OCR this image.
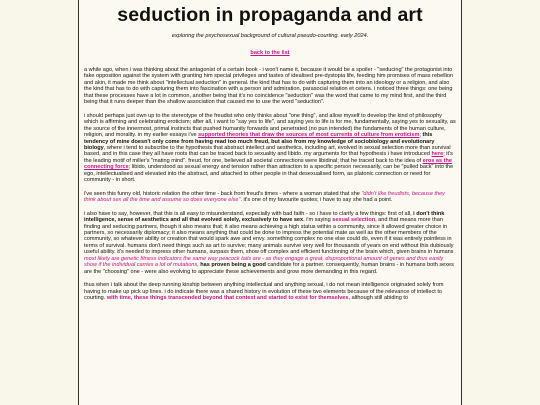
seduction in propaganda and art
exploring the psychosexual background of cultural pseudo-courting. early 2024.
back to the list

a while ago, when i was thinking about the antagonist of a certain book - i won't name it, because it would be a spoiler - "seducing" the protagonist into fake opposition against the system with granting him special privileges and tastes of idealised pre-dystopia life, feeding him promises of mass rebellion and akin, it made me think about "intellectual seduction" in general. the kind that has to do with capturing them into an ideology or a religion, and also the kind that has to do with capturing them into fascination with a person and admiration, parasocial relation et cetera. i noticed three things: one being that these processes have a lot in common, another being that it's no coincidence "seduction" was the word that came to my mind first, and the third being that it runs deeper than the shallow association that caused me to use the word "seduction".

i should perhaps just own up to the stereotype of the freudist who only thinks about "one thing", and allow myself to develop the kind of philosophy which is affirming and celebrating eroticism; after all, i want to "say yes to life", and saying yes to life is for me, fundamentally, saying yes to sexuality, as the source of the innermost, primal instincts that pushed humanity forwards and penetrated (no pun intended) the fundaments of the human culture, religion, and morality. in my earlier essays i've supported theories that draw the sources of most currents of culture from eroticism; this tendency of mine doesn't only come from having read too much freud, but also from my knowledge of sociobiology and evolutionary biology, where i tend to subscribe to the hypothesis that abstract intellect and aesthetics, including art, evolved in sexual selection more than survival based, and in this case they all have roots that can be traced back to sexuality and libido. my arguments for that hypothesis i have introduced here; it's the leading motif of miller's "mating mind". freud, for one, believed all societal connections were libidinal; that he traced back to the idea of eros as the connecting force; libido, understood as sexual energy and tension rather than attraction to a specific person necessarily, can be "pulled back" into the ego, intellectualised and elevated into the abstract, and attached to other people in that desexualised form, as platonic connection or need for community - in short.

i've seen this funny old, historic relation the other time - back from freud's times - where a woman stated that she "didn't like freudists, because they think about sex all the time and assume so does everyone else". it's one of my favourite quotes; i have to say she had a point.

i also have to say, however, that this is all easy to misunderstand, especially with bad faith - so i have to clarify a few things: first of all, i don't think intelligence, sense of aesthetics and all that evolved solely, exclusively to have sex. i'm saying sexual selection, and that means more than finding and seducing partners, though it also means that; it also means achieving a high status within a community, since it allowed greater choice in partners, so necessarily diplomacy; it also means anything that could be done to impress the potential mate as well as the other members of the community, so whatever ability or creation that would spark awe and envy. something complex no one else could do, even if it was entirely pointless in terms of survival. humans don't need things such as art to survive; many animals survive very well for thousands of years on end without this dubiously useful ability. it's needed to impress other humans, surpass them, show off complex and efficient functioning of the brain which, given brains in humans most likely are genetic fitness indicators the same way peacock tails are - as they engage a great, disproportional amount of genes and thus easily show if the individual carries a lot of mutations, has proven being a good candidate for a partner. consequently, human brains - in humans both sexes are the "choosing" one - were also evolving to appreciate these achievements and grow more demanding in this regard.

thus when i talk about the deep running kinship between anything intellectual and anything sexual, i do not mean intelligence originated solely from having to make up pick up lines. i do indicate there was a shared history in evolution of these two elements because of the relevance of intellect to courting. with time, these things transcended beyond that context and started to exist for themselves, although still abiding to
